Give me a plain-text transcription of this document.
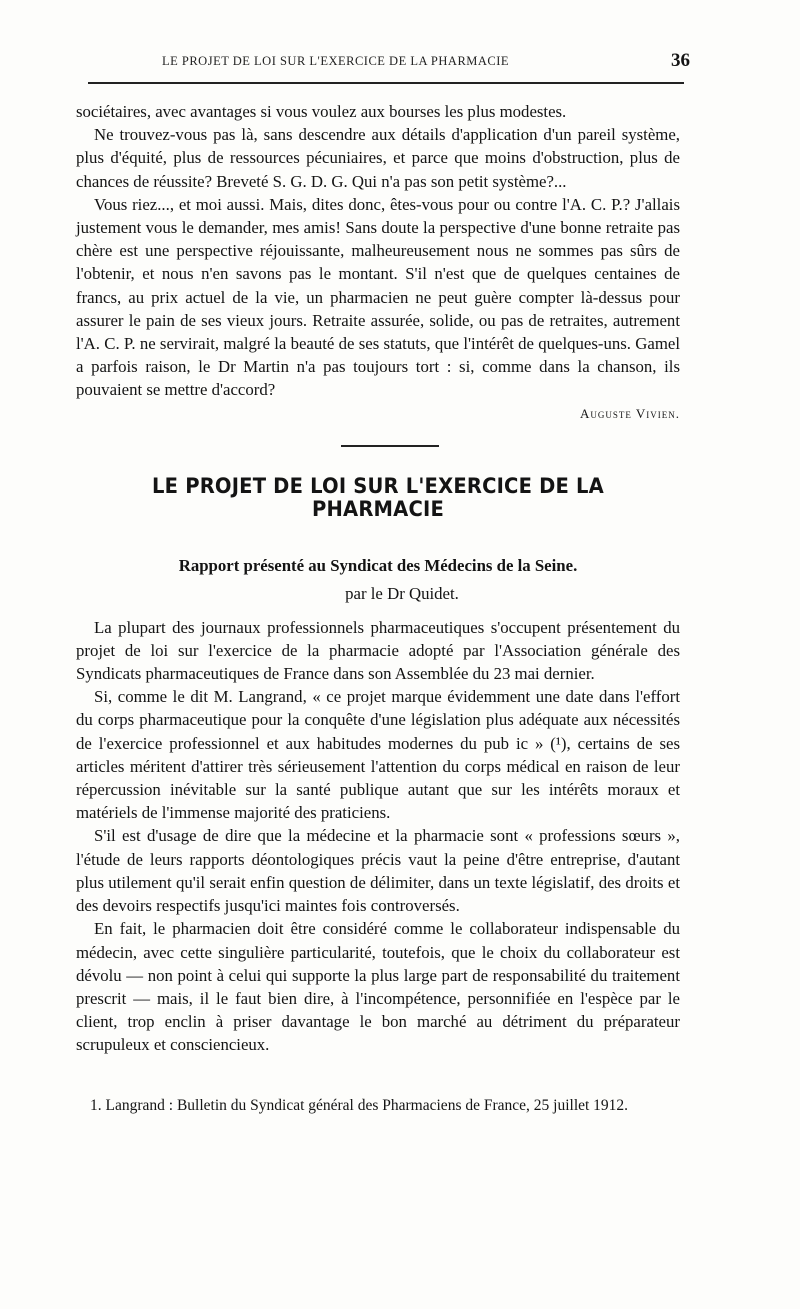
LE PROJET DE LOI SUR L'EXERCICE DE LA PHARMACIE	36

sociétaires, avec avantages si vous voulez aux bourses les plus modestes.

Ne trouvez-vous pas là, sans descendre aux détails d'application d'un pareil système, plus d'équité, plus de ressources pécuniaires, et parce que moins d'obstruction, plus de chances de réussite? Breveté S. G. D. G. Qui n'a pas son petit système?...

Vous riez..., et moi aussi. Mais, dites donc, êtes-vous pour ou contre l'A. C. P.? J'allais justement vous le demander, mes amis! Sans doute la perspective d'une bonne retraite pas chère est une perspective réjouissante, malheureusement nous ne sommes pas sûrs de l'obtenir, et nous n'en savons pas le montant. S'il n'est que de quelques centaines de francs, au prix actuel de la vie, un pharmacien ne peut guère compter là-dessus pour assurer le pain de ses vieux jours. Retraite assurée, solide, ou pas de retraites, autrement l'A. C. P. ne servirait, malgré la beauté de ses statuts, que l'intérêt de quelques-uns. Gamel a parfois raison, le Dr Martin n'a pas toujours tort : si, comme dans la chanson, ils pouvaient se mettre d'accord?

Auguste Vivien.

LE PROJET DE LOI SUR L'EXERCICE DE LA PHARMACIE
Rapport présenté au Syndicat des Médecins de la Seine.
par le Dr Quidet.

La plupart des journaux professionnels pharmaceutiques s'occupent présentement du projet de loi sur l'exercice de la pharmacie adopté par l'Association générale des Syndicats pharmaceutiques de France dans son Assemblée du 23 mai dernier.

Si, comme le dit M. Langrand, « ce projet marque évidemment une date dans l'effort du corps pharmaceutique pour la conquête d'une législation plus adéquate aux nécessités de l'exercice professionnel et aux habitudes modernes du pub ic » (¹), certains de ses articles méritent d'attirer très sérieusement l'attention du corps médical en raison de leur répercussion inévitable sur la santé publique autant que sur les intérêts moraux et matériels de l'immense majorité des praticiens.

S'il est d'usage de dire que la médecine et la pharmacie sont « professions sœurs », l'étude de leurs rapports déontologiques précis vaut la peine d'être entreprise, d'autant plus utilement qu'il serait enfin question de délimiter, dans un texte législatif, des droits et des devoirs respectifs jusqu'ici maintes fois controversés.

En fait, le pharmacien doit être considéré comme le collaborateur indispensable du médecin, avec cette singulière particularité, toutefois, que le choix du collaborateur est dévolu — non point à celui qui supporte la plus large part de responsabilité du traitement prescrit — mais, il le faut bien dire, à l'incompétence, personnifiée en l'espèce par le client, trop enclin à priser davantage le bon marché au détriment du préparateur scrupuleux et consciencieux.

1. Langrand : Bulletin du Syndicat général des Pharmaciens de France, 25 juillet 1912.
